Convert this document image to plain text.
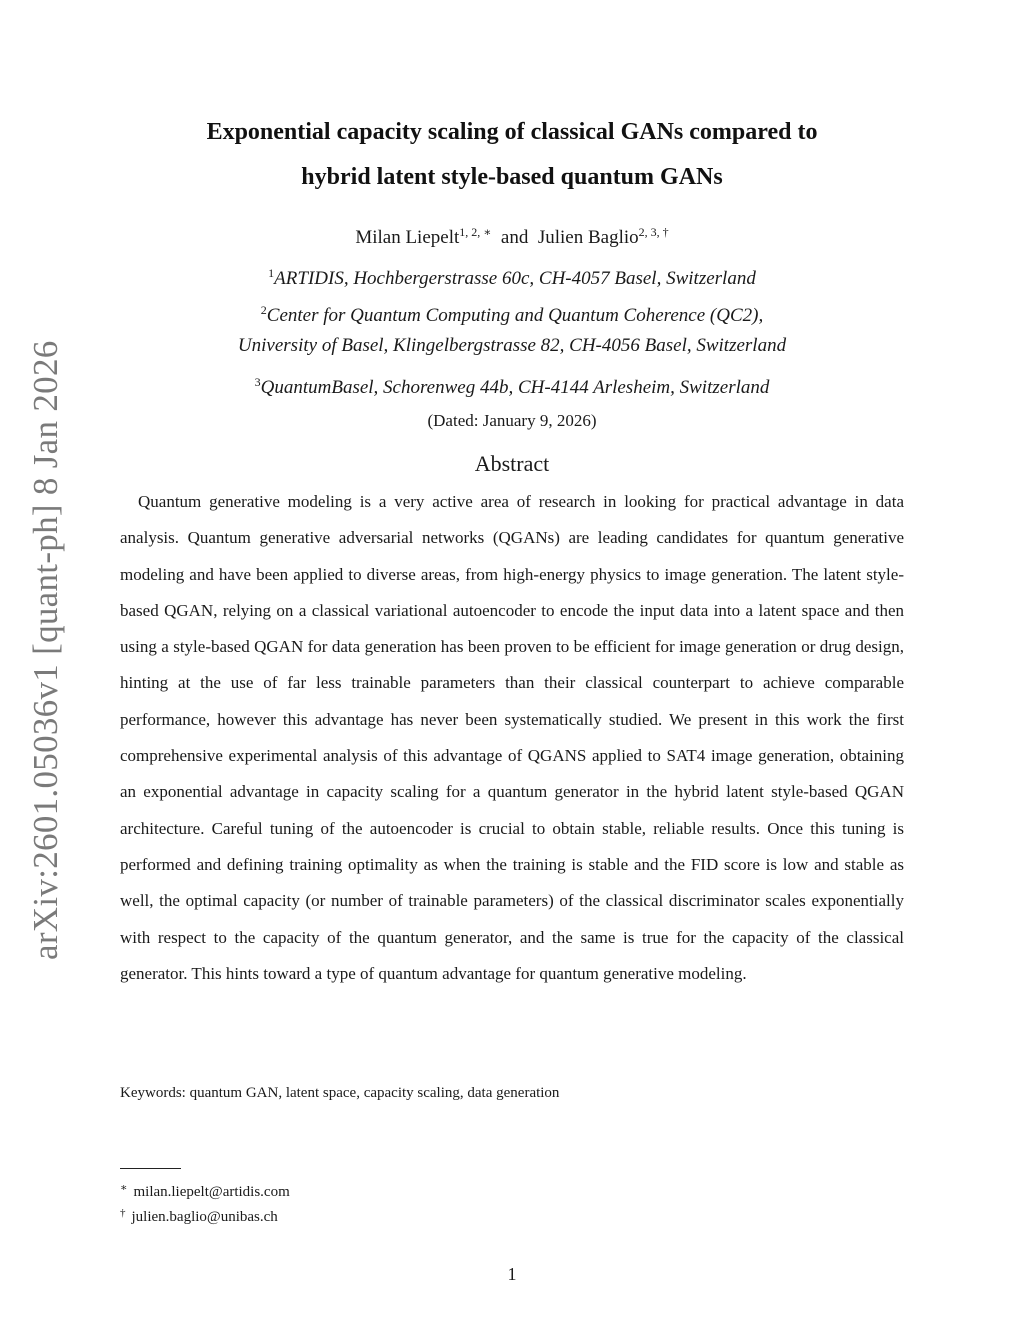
arXiv:2601.05036v1 [quant-ph] 8 Jan 2026
Exponential capacity scaling of classical GANs compared to
hybrid latent style-based quantum GANs
Milan Liepelt$^{1, 2, ∗}$ and Julien Baglio$^{2, 3, \dagger}$
$^1$ARTIDIS, Hochbergerstrasse 60c, CH-4057 Basel, Switzerland
$^2$Center for Quantum Computing and Quantum Coherence (QC2),
University of Basel, Klingelbergstrasse 82, CH-4056 Basel, Switzerland
$^3$QuantumBasel, Schorenweg 44b, CH-4144 Arlesheim, Switzerland
(Dated: January 9, 2026)
Abstract

Quantum generative modeling is a very active area of research in looking for practical advantage in data analysis. Quantum generative adversarial networks (QGANs) are leading candidates for quantum generative modeling and have been applied to diverse areas, from high-energy physics to image generation. The latent style-based QGAN, relying on a classical variational autoencoder to encode the input data into a latent space and then using a style-based QGAN for data generation has been proven to be efficient for image generation or drug design, hinting at the use of far less trainable parameters than their classical counterpart to achieve comparable performance, however this advantage has never been systematically studied. We present in this work the first comprehensive experimental analysis of this advantage of QGANS applied to SAT4 image generation, obtaining an exponential advantage in capacity scaling for a quantum generator in the hybrid latent style-based QGAN architecture. Careful tuning of the autoencoder is crucial to obtain stable, reliable results. Once this tuning is performed and defining training optimality as when the training is stable and the FID score is low and stable as well, the optimal capacity (or number of trainable parameters) of the classical discriminator scales exponentially with respect to the capacity of the quantum generator, and the same is true for the capacity of the classical generator. This hints toward a type of quantum advantage for quantum generative modeling.

Keywords: quantum GAN, latent space, capacity scaling, data generation
∗ milan.liepelt@artidis.com
† julien.baglio@unibas.ch
1
